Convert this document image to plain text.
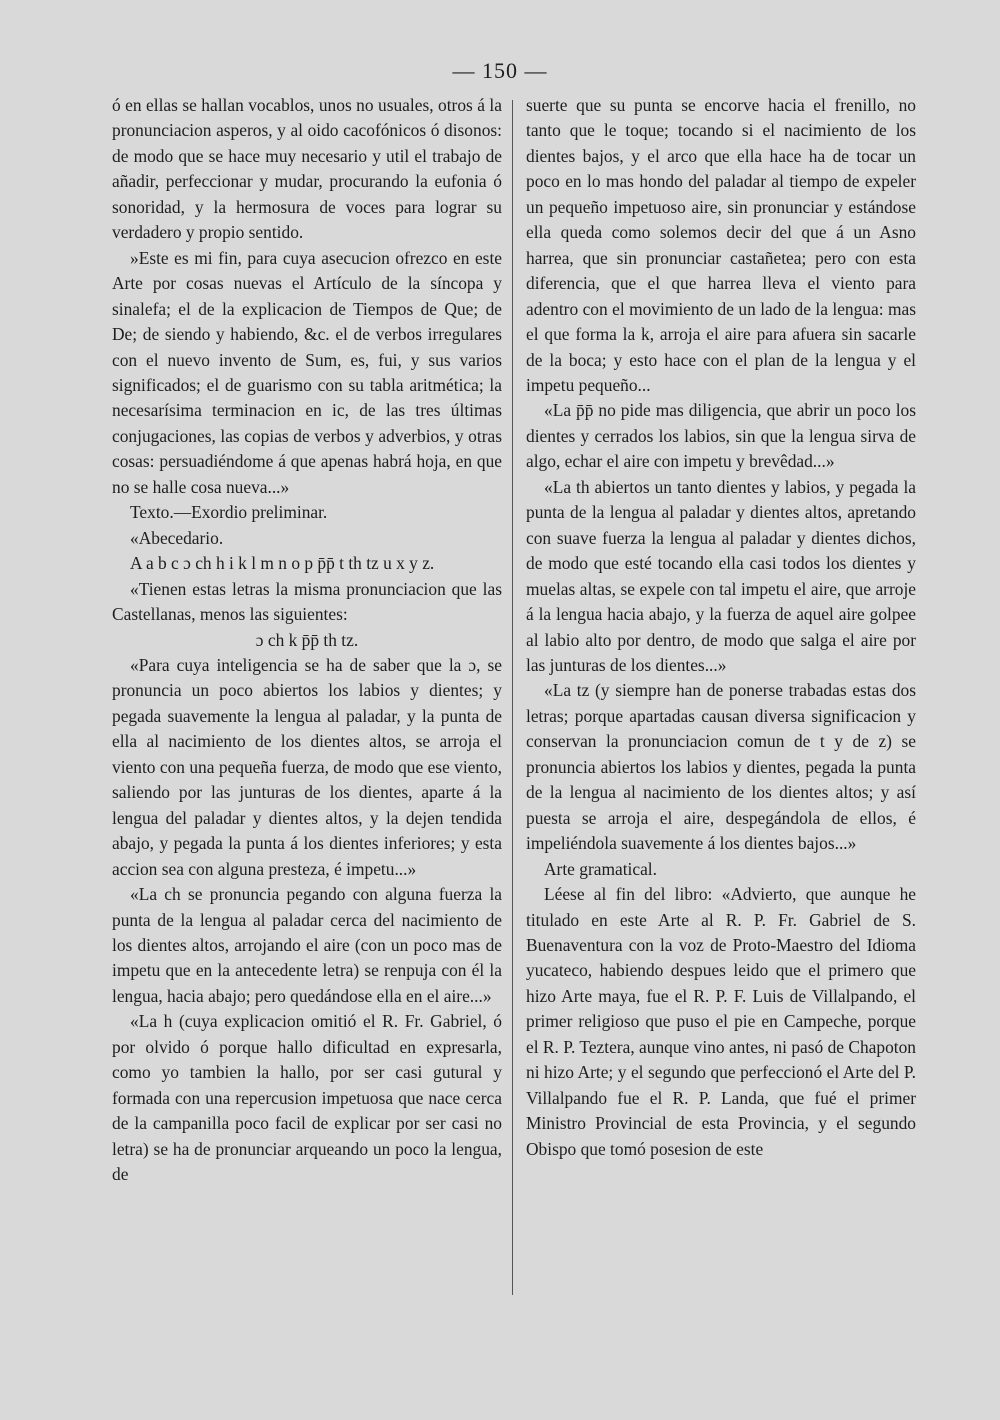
— 150 —

ó en ellas se hallan vocablos, unos no usuales, otros á la pronunciacion asperos, y al oido cacofónicos ó disonos: de modo que se hace muy necesario y util el trabajo de añadir, perfeccionar y mudar, procurando la eufonia ó sonoridad, y la hermosura de voces para lograr su verdadero y propio sentido.

»Este es mi fin, para cuya asecucion ofrezco en este Arte por cosas nuevas el Artículo de la síncopa y sinalefa; el de la explicacion de Tiempos de Que; de De; de siendo y habiendo, &c. el de verbos irregulares con el nuevo invento de Sum, es, fui, y sus varios significados; el de guarismo con su tabla aritmética; la necesarísima terminacion en ic, de las tres últimas conjugaciones, las copias de verbos y adverbios, y otras cosas: persuadiéndome á que apenas habrá hoja, en que no se halle cosa nueva...»

Texto.—Exordio preliminar.

«Abecedario.

A a b c ɔ ch h i k l m n o p p̄p̄ t th tz u x y z.

«Tienen estas letras la misma pronunciacion que las Castellanas, menos las siguientes:

ɔ ch k p̄p̄ th tz.

«Para cuya inteligencia se ha de saber que la ɔ, se pronuncia un poco abiertos los labios y dientes; y pegada suavemente la lengua al paladar, y la punta de ella al nacimiento de los dientes altos, se arroja el viento con una pequeña fuerza, de modo que ese viento, saliendo por las junturas de los dientes, aparte á la lengua del paladar y dientes altos, y la dejen tendida abajo, y pegada la punta á los dientes inferiores; y esta accion sea con alguna presteza, é impetu...»

«La ch se pronuncia pegando con alguna fuerza la punta de la lengua al paladar cerca del nacimiento de los dientes altos, arrojando el aire (con un poco mas de impetu que en la antecedente letra) se renpuja con él la lengua, hacia abajo; pero quedándose ella en el aire...»

«La h (cuya explicacion omitió el R. Fr. Gabriel, ó por olvido ó porque hallo dificultad en expresarla, como yo tambien la hallo, por ser casi gutural y formada con una repercusion impetuosa que nace cerca de la campanilla poco facil de explicar por ser casi no letra) se ha de pronunciar arqueando un poco la lengua, de

suerte que su punta se encorve hacia el frenillo, no tanto que le toque; tocando si el nacimiento de los dientes bajos, y el arco que ella hace ha de tocar un poco en lo mas hondo del paladar al tiempo de expeler un pequeño impetuoso aire, sin pronunciar y estándose ella queda como solemos decir del que á un Asno harrea, que sin pronunciar castañetea; pero con esta diferencia, que el que harrea lleva el viento para adentro con el movimiento de un lado de la lengua: mas el que forma la k, arroja el aire para afuera sin sacarle de la boca; y esto hace con el plan de la lengua y el impetu pequeño...

«La p̄p̄ no pide mas diligencia, que abrir un poco los dientes y cerrados los labios, sin que la lengua sirva de algo, echar el aire con impetu y brevêdad...»

«La th abiertos un tanto dientes y labios, y pegada la punta de la lengua al paladar y dientes altos, apretando con suave fuerza la lengua al paladar y dientes dichos, de modo que esté tocando ella casi todos los dientes y muelas altas, se expele con tal impetu el aire, que arroje á la lengua hacia abajo, y la fuerza de aquel aire golpee al labio alto por dentro, de modo que salga el aire por las junturas de los dientes...»

«La tz (y siempre han de ponerse trabadas estas dos letras; porque apartadas causan diversa significacion y conservan la pronunciacion comun de t y de z) se pronuncia abiertos los labios y dientes, pegada la punta de la lengua al nacimiento de los dientes altos; y así puesta se arroja el aire, despegándola de ellos, é impeliéndola suavemente á los dientes bajos...»

Arte gramatical.

Léese al fin del libro: «Advierto, que aunque he titulado en este Arte al R. P. Fr. Gabriel de S. Buenaventura con la voz de Proto-Maestro del Idioma yucateco, habiendo despues leido que el primero que hizo Arte maya, fue el R. P. F. Luis de Villalpando, el primer religioso que puso el pie en Campeche, porque el R. P. Teztera, aunque vino antes, ni pasó de Chapoton ni hizo Arte; y el segundo que perfeccionó el Arte del P. Villalpando fue el R. P. Landa, que fué el primer Ministro Provincial de esta Provincia, y el segundo Obispo que tomó posesion de este
